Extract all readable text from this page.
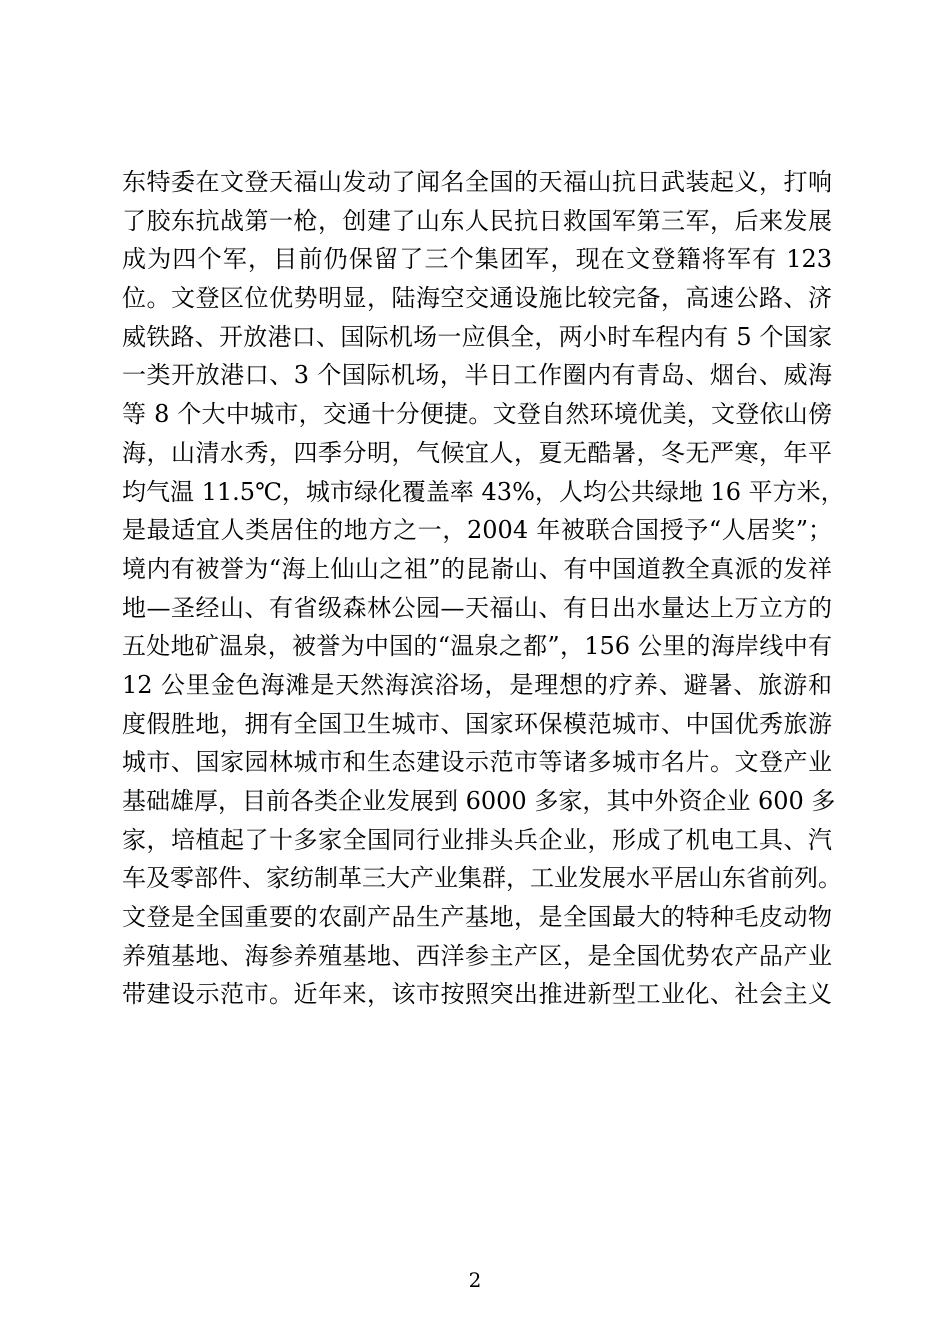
东特委在文登天福山发动了闻名全国的天福山抗日武装起义，打响
了胶东抗战第一枪，创建了山东人民抗日救国军第三军，后来发展
成为四个军，目前仍保留了三个集团军，现在文登籍将军有 123
位。文登区位优势明显，陆海空交通设施比较完备，高速公路、济
威铁路、开放港口、国际机场一应俱全，两小时车程内有 5 个国家
一类开放港口、3 个国际机场，半日工作圈内有青岛、烟台、威海
等 8 个大中城市，交通十分便捷。文登自然环境优美，文登依山傍
海，山清水秀，四季分明，气候宜人，夏无酷暑，冬无严寒，年平
均气温 11.5℃，城市绿化覆盖率 43%，人均公共绿地 16 平方米，
是最适宜人类居住的地方之一，2004 年被联合国授予“人居奖”；
境内有被誉为“海上仙山之祖”的昆嵛山、有中国道教全真派的发祥
地—圣经山、有省级森林公园—天福山、有日出水量达上万立方的
五处地矿温泉，被誉为中国的“温泉之都”，156 公里的海岸线中有
12 公里金色海滩是天然海滨浴场，是理想的疗养、避暑、旅游和
度假胜地，拥有全国卫生城市、国家环保模范城市、中国优秀旅游
城市、国家园林城市和生态建设示范市等诸多城市名片。文登产业
基础雄厚，目前各类企业发展到 6000 多家，其中外资企业 600 多
家，培植起了十多家全国同行业排头兵企业，形成了机电工具、汽
车及零部件、家纺制革三大产业集群，工业发展水平居山东省前列。
文登是全国重要的农副产品生产基地，是全国最大的特种毛皮动物
养殖基地、海参养殖基地、西洋参主产区，是全国优势农产品产业
带建设示范市。近年来，该市按照突出推进新型工业化、社会主义
2
